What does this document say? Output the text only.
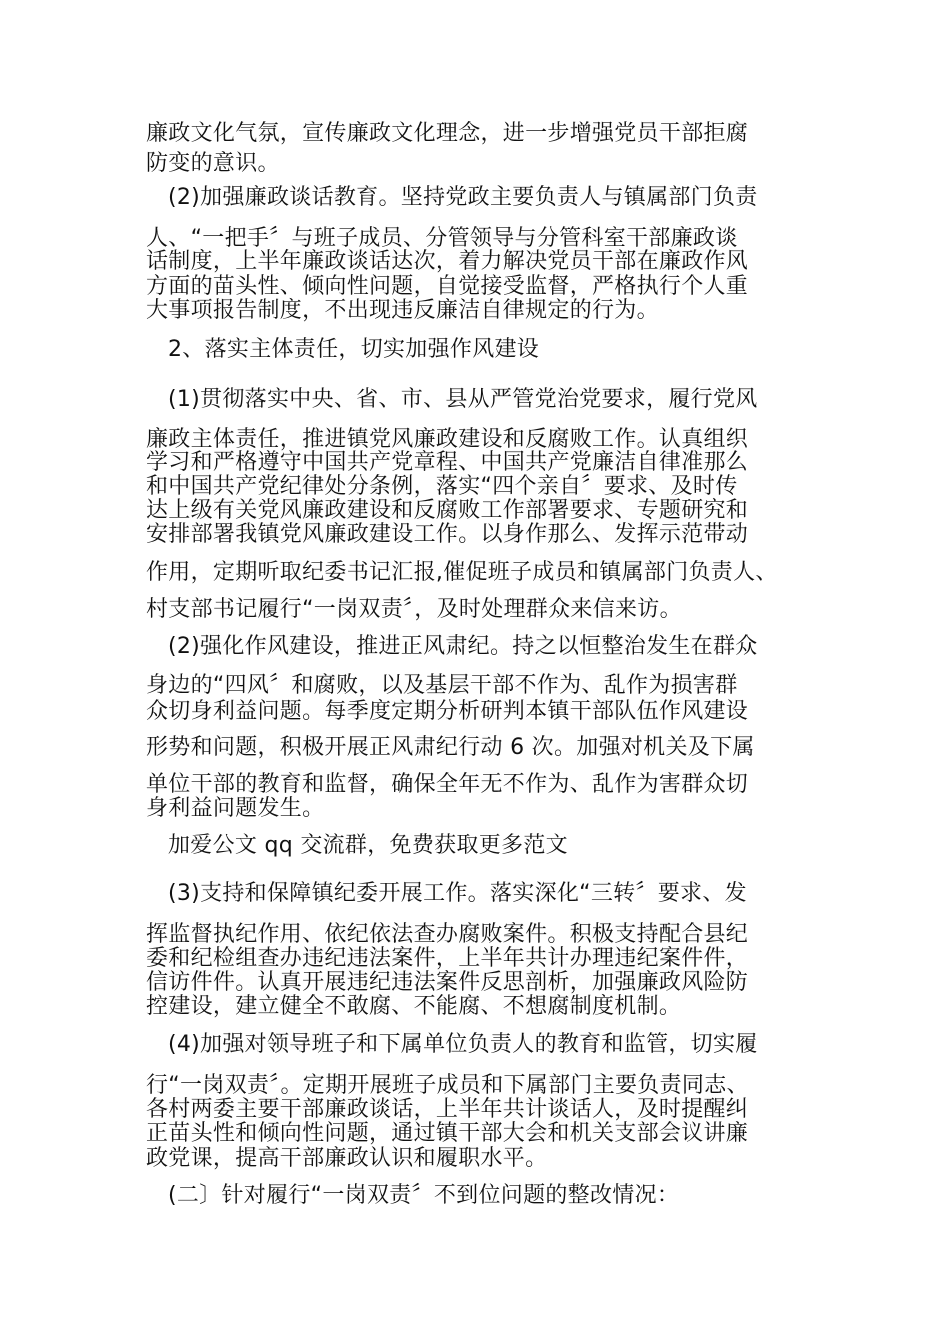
廉政文化气氛，宣传廉政文化理念，进一步增强党员干部拒腐
防变的意识。
(2)加强廉政谈话教育。坚持党政主要负责人与镇属部门负责
人、“一把手〞与班子成员、分管领导与分管科室干部廉政谈
话制度，上半年廉政谈话达次，着力解决党员干部在廉政作风
方面的苗头性、倾向性问题，自觉接受监督，严格执行个人重
大事项报告制度，不出现违反廉洁自律规定的行为。
2、落实主体责任，切实加强作风建设
(1)贯彻落实中央、省、市、县从严管党治党要求，履行党风
廉政主体责任，推进镇党风廉政建设和反腐败工作。认真组织
学习和严格遵守中国共产党章程、中国共产党廉洁自律准那么
和中国共产党纪律处分条例，落实“四个亲自〞要求、及时传
达上级有关党风廉政建设和反腐败工作部署要求、专题研究和
安排部署我镇党风廉政建设工作。以身作那么、发挥示范带动
作用，定期听取纪委书记汇报,催促班子成员和镇属部门负责人、
村支部书记履行“一岗双责〞，及时处理群众来信来访。
(2)强化作风建设，推进正风肃纪。持之以恒整治发生在群众
身边的“四风〞和腐败，以及基层干部不作为、乱作为损害群
众切身利益问题。每季度定期分析研判本镇干部队伍作风建设
形势和问题，积极开展正风肃纪行动 6 次。加强对机关及下属
单位干部的教育和监督，确保全年无不作为、乱作为害群众切
身利益问题发生。
加爱公文 qq 交流群，免费获取更多范文
(3)支持和保障镇纪委开展工作。落实深化“三转〞要求、发
挥监督执纪作用、依纪依法查办腐败案件。积极支持配合县纪
委和纪检组查办违纪违法案件，上半年共计办理违纪案件件，
信访件件。认真开展违纪违法案件反思剖析，加强廉政风险防
控建设，建立健全不敢腐、不能腐、不想腐制度机制。
(4)加强对领导班子和下属单位负责人的教育和监管，切实履
行“一岗双责〞。定期开展班子成员和下属部门主要负责同志、
各村两委主要干部廉政谈话，上半年共计谈话人，及时提醒纠
正苗头性和倾向性问题，通过镇干部大会和机关支部会议讲廉
政党课，提高干部廉政认识和履职水平。
(二〕针对履行“一岗双责〞不到位问题的整改情况：
